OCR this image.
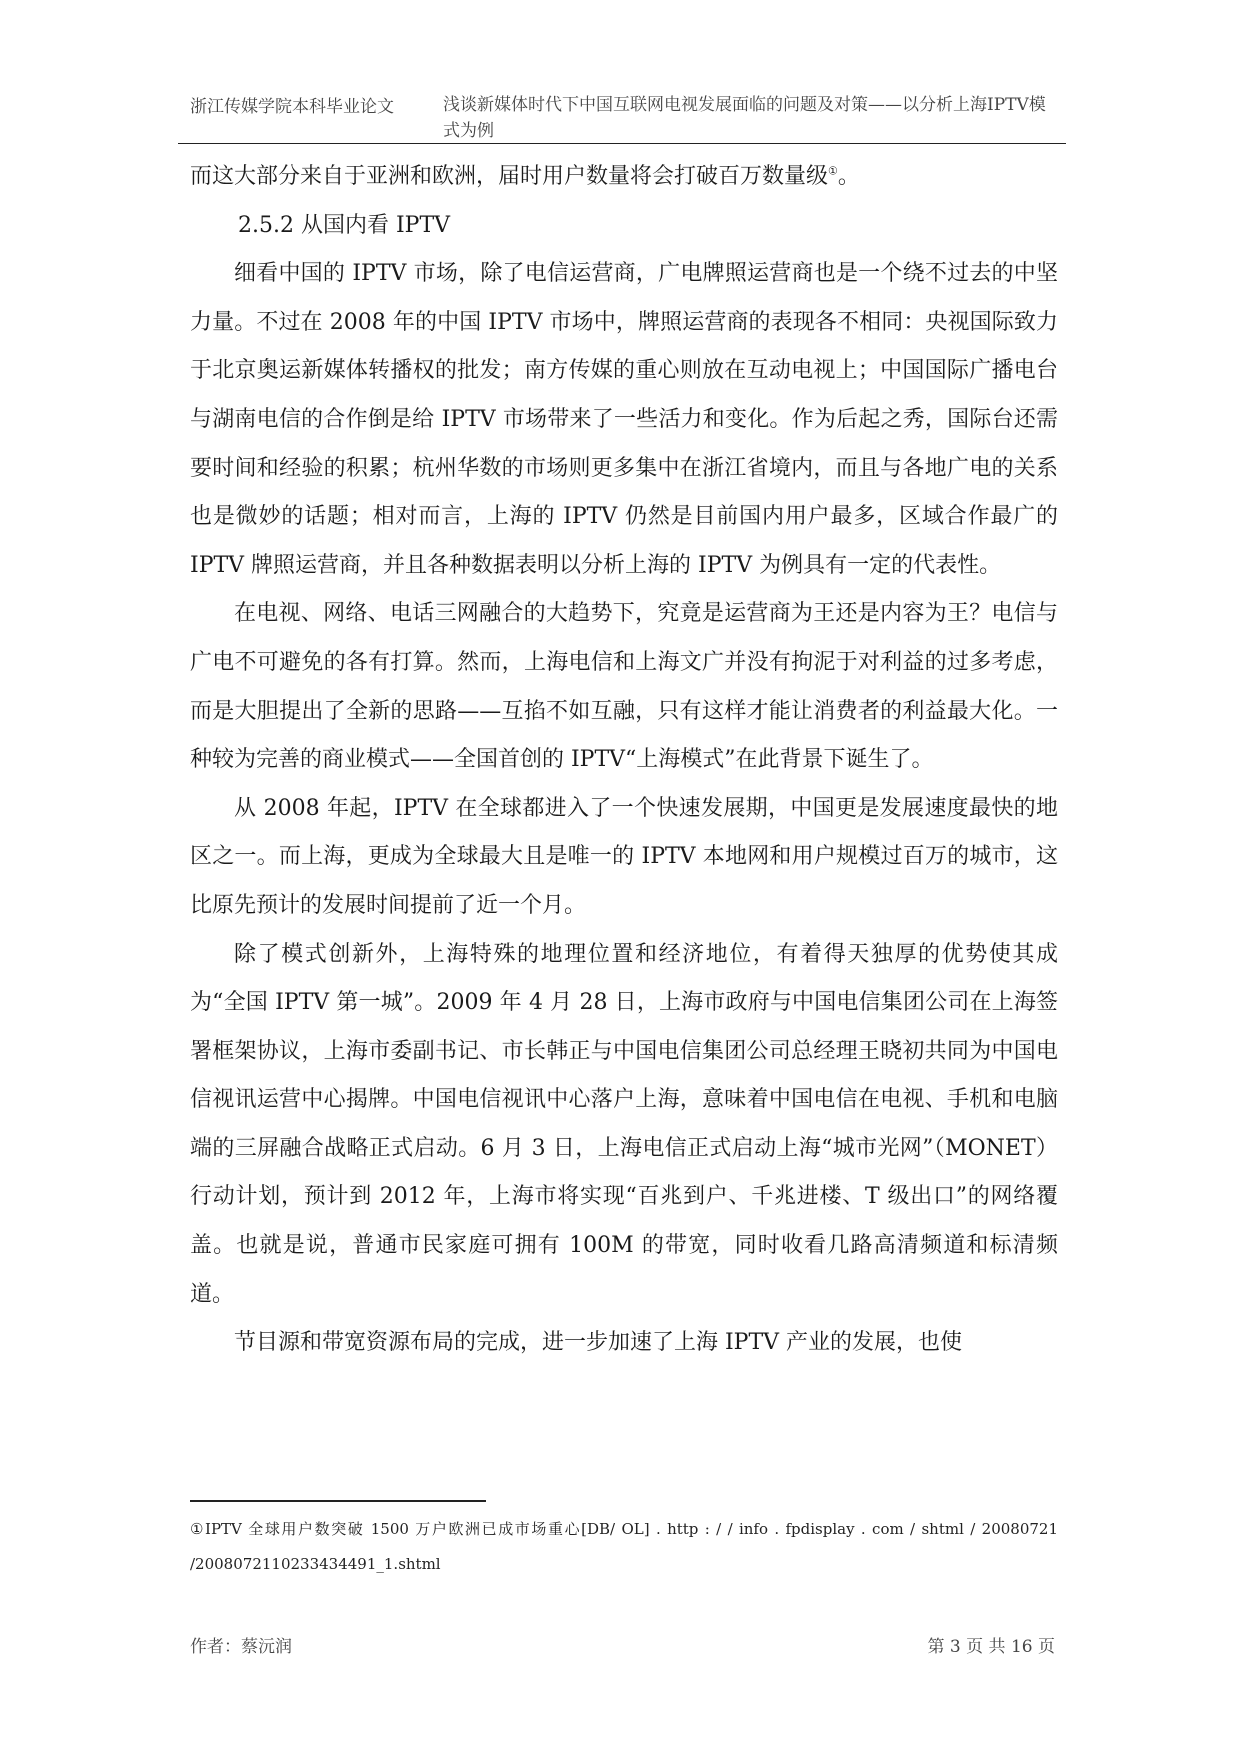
浙江传媒学院本科毕业论文	浅谈新媒体时代下中国互联网电视发展面临的问题及对策——以分析上海IPTV模式为例

而这大部分来自于亚洲和欧洲，届时用户数量将会打破百万数量级①。

2.5.2 从国内看 IPTV

细看中国的 IPTV 市场，除了电信运营商，广电牌照运营商也是一个绕不过去的中坚力量。不过在 2008 年的中国 IPTV 市场中，牌照运营商的表现各不相同：央视国际致力于北京奥运新媒体转播权的批发；南方传媒的重心则放在互动电视上；中国国际广播电台与湖南电信的合作倒是给 IPTV 市场带来了一些活力和变化。作为后起之秀，国际台还需要时间和经验的积累；杭州华数的市场则更多集中在浙江省境内，而且与各地广电的关系也是微妙的话题；相对而言，上海的 IPTV 仍然是目前国内用户最多，区域合作最广的 IPTV 牌照运营商，并且各种数据表明以分析上海的 IPTV 为例具有一定的代表性。

在电视、网络、电话三网融合的大趋势下，究竟是运营商为王还是内容为王？电信与广电不可避免的各有打算。然而，上海电信和上海文广并没有拘泥于对利益的过多考虑，而是大胆提出了全新的思路——互掐不如互融，只有这样才能让消费者的利益最大化。一种较为完善的商业模式——全国首创的 IPTV“上海模式”在此背景下诞生了。

从 2008 年起，IPTV 在全球都进入了一个快速发展期，中国更是发展速度最快的地区之一。而上海，更成为全球最大且是唯一的 IPTV 本地网和用户规模过百万的城市，这比原先预计的发展时间提前了近一个月。

除了模式创新外，上海特殊的地理位置和经济地位，有着得天独厚的优势使其成为“全国 IPTV 第一城”。2009 年 4 月 28 日，上海市政府与中国电信集团公司在上海签署框架协议，上海市委副书记、市长韩正与中国电信集团公司总经理王晓初共同为中国电信视讯运营中心揭牌。中国电信视讯中心落户上海，意味着中国电信在电视、手机和电脑端的三屏融合战略正式启动。6 月 3 日，上海电信正式启动上海“城市光网”（MONET）行动计划，预计到 2012 年，上海市将实现“百兆到户、千兆进楼、T 级出口”的网络覆盖。也就是说，普通市民家庭可拥有 100M 的带宽，同时收看几路高清频道和标清频道。

节目源和带宽资源布局的完成，进一步加速了上海 IPTV 产业的发展，也使

①IPTV 全球用户数突破 1500 万户欧洲已成市场重心[DB/ OL] . http : / / info . fpdisplay . com / shtml / 20080721 /2008072110233434491_1.shtml
作者：蔡沅润	第 3 页 共 16 页
